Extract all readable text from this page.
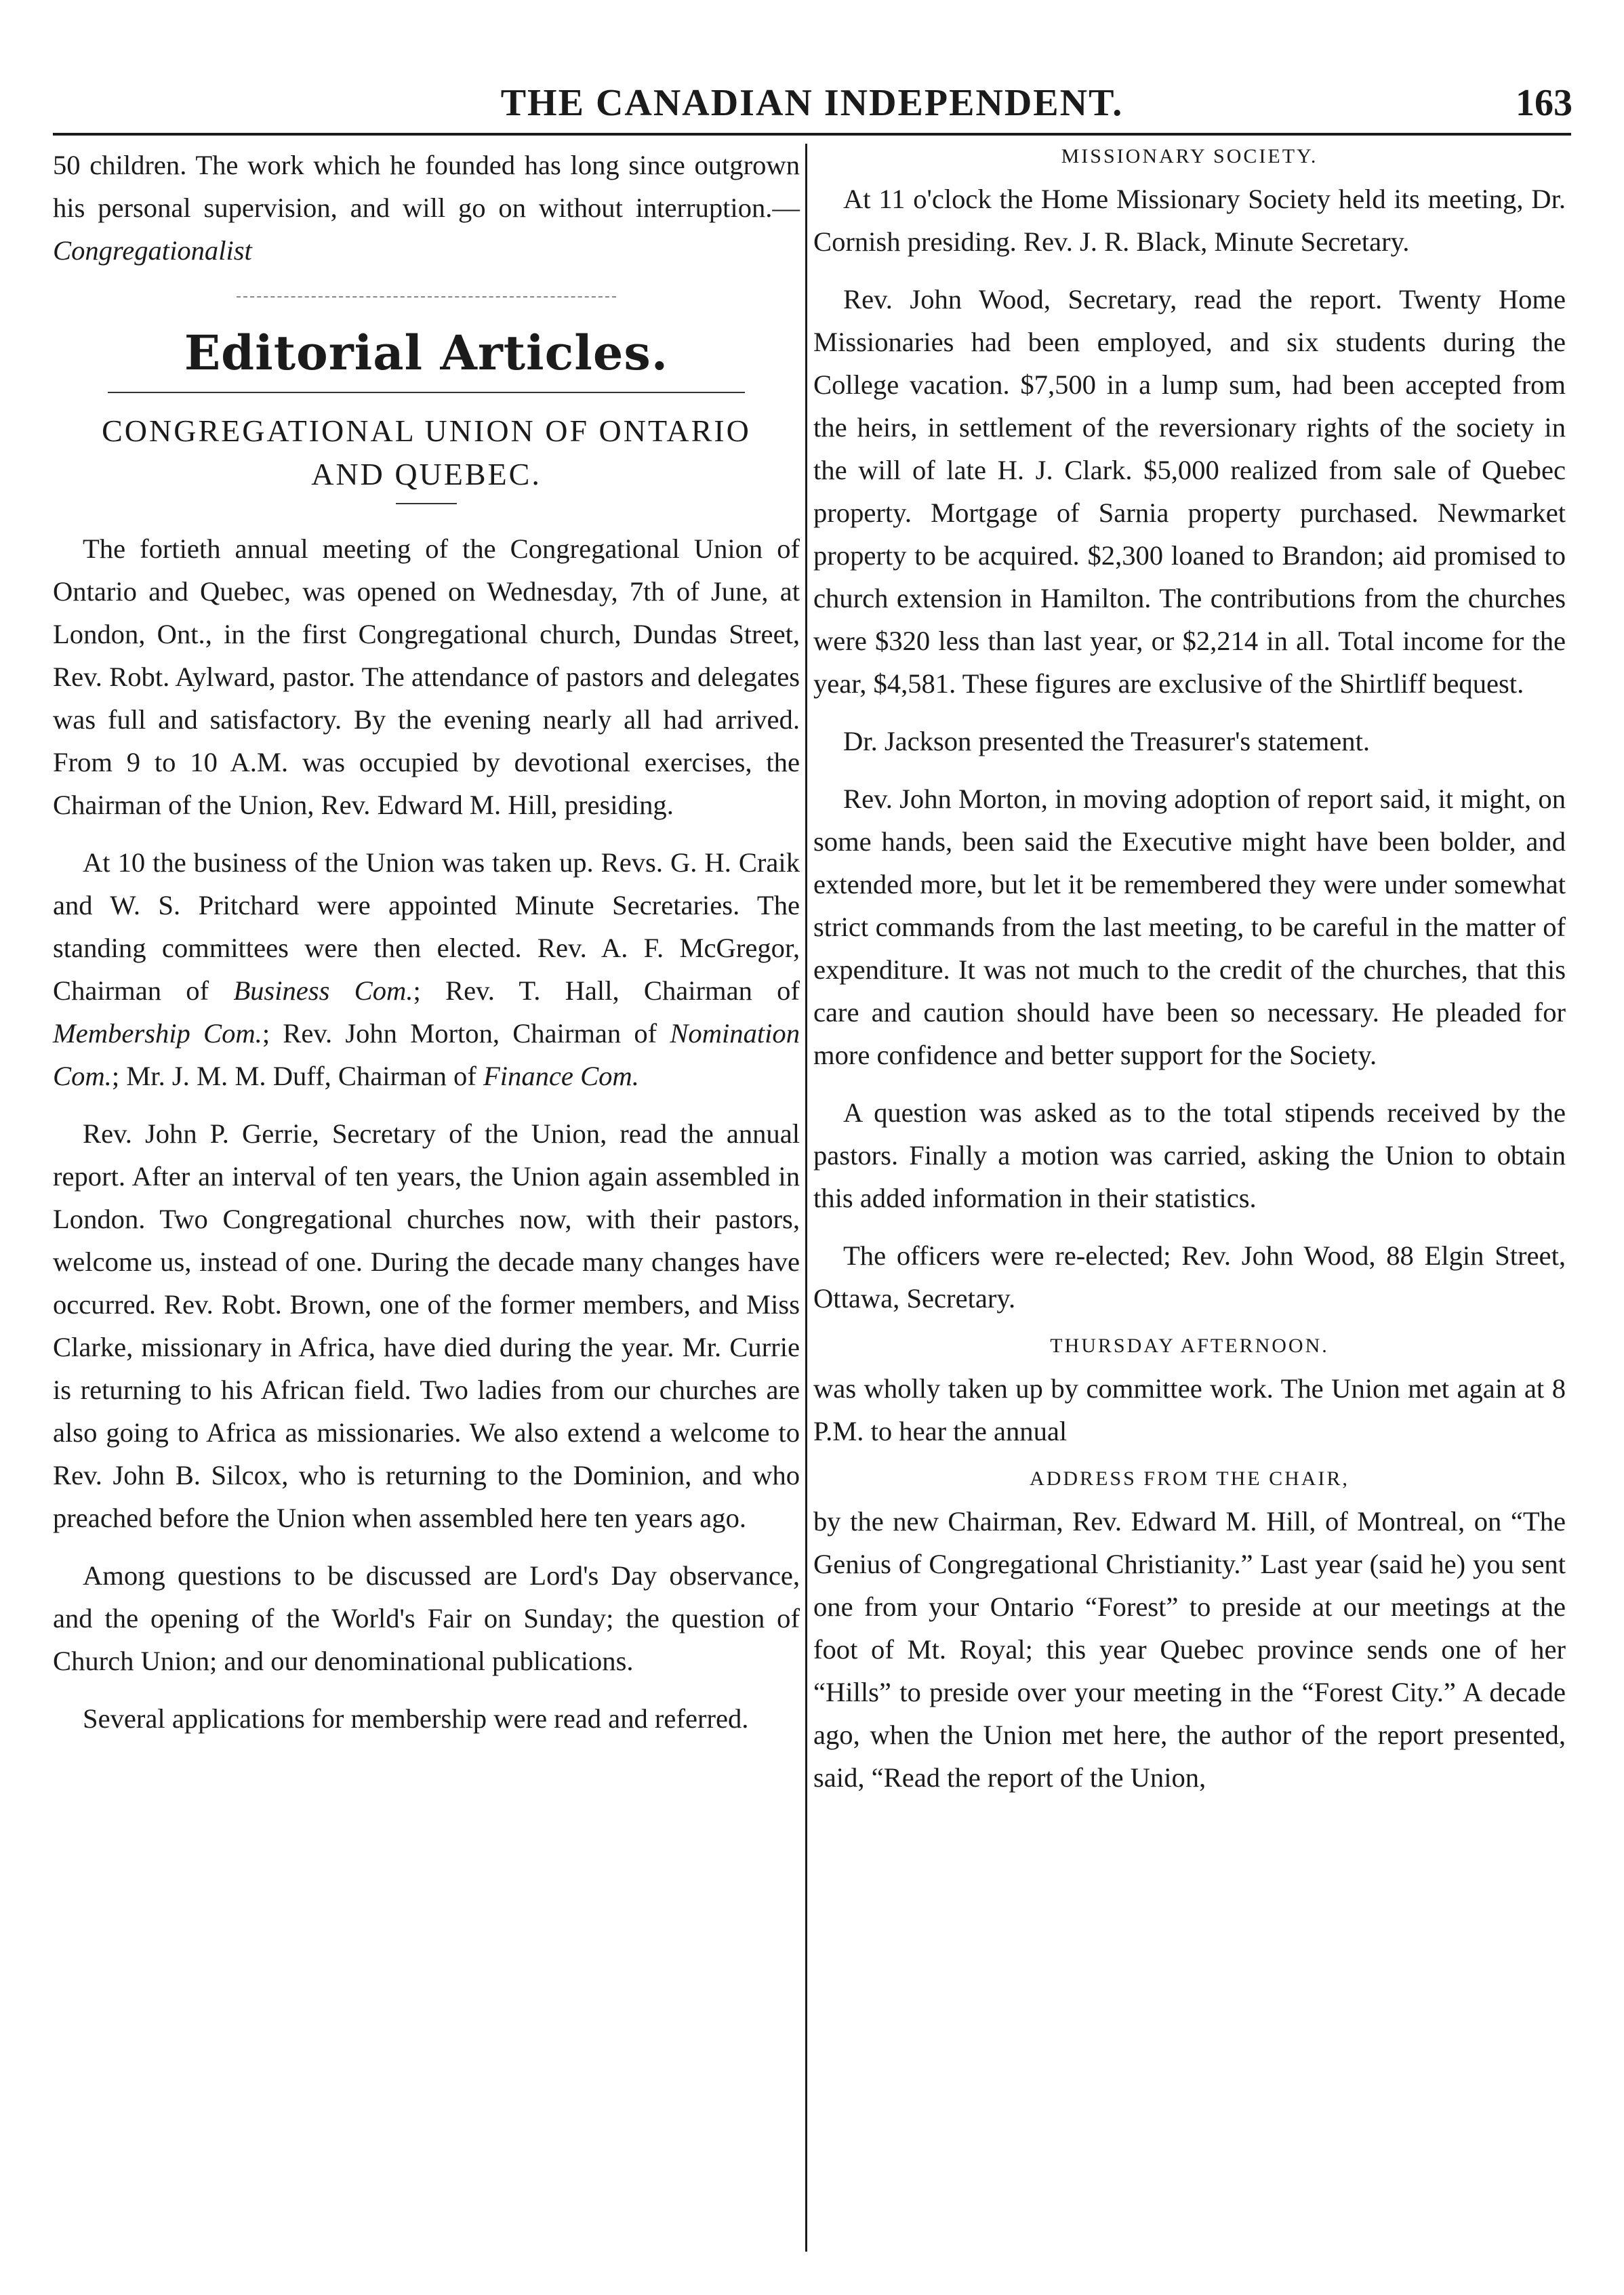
THE CANADIAN INDEPENDENT.	163

50 children. The work which he founded has long since outgrown his personal supervision, and will go on without interruption.—Congregationalist

Editorial Articles.
CONGREGATIONAL UNION OF ONTARIO
AND QUEBEC.

The fortieth annual meeting of the Congregational Union of Ontario and Quebec, was opened on Wednesday, 7th of June, at London, Ont., in the first Congregational church, Dundas Street, Rev. Robt. Aylward, pastor. The attendance of pastors and delegates was full and satisfactory. By the evening nearly all had arrived. From 9 to 10 A.M. was occupied by devotional exercises, the Chairman of the Union, Rev. Edward M. Hill, presiding.

At 10 the business of the Union was taken up. Revs. G. H. Craik and W. S. Pritchard were appointed Minute Secretaries. The standing committees were then elected. Rev. A. F. McGregor, Chairman of Business Com.; Rev. T. Hall, Chairman of Membership Com.; Rev. John Morton, Chairman of Nomination Com.; Mr. J. M. M. Duff, Chairman of Finance Com.

Rev. John P. Gerrie, Secretary of the Union, read the annual report. After an interval of ten years, the Union again assembled in London. Two Congregational churches now, with their pastors, welcome us, instead of one. During the decade many changes have occurred. Rev. Robt. Brown, one of the former members, and Miss Clarke, missionary in Africa, have died during the year. Mr. Currie is returning to his African field. Two ladies from our churches are also going to Africa as missionaries. We also extend a welcome to Rev. John B. Silcox, who is returning to the Dominion, and who preached before the Union when assembled here ten years ago.

Among questions to be discussed are Lord's Day observance, and the opening of the World's Fair on Sunday; the question of Church Union; and our denominational publications.

Several applications for membership were read and referred.

MISSIONARY SOCIETY.

At 11 o'clock the Home Missionary Society held its meeting, Dr. Cornish presiding. Rev. J. R. Black, Minute Secretary.

Rev. John Wood, Secretary, read the report. Twenty Home Missionaries had been employed, and six students during the College vacation. $7,500 in a lump sum, had been accepted from the heirs, in settlement of the reversionary rights of the society in the will of late H. J. Clark. $5,000 realized from sale of Quebec property. Mortgage of Sarnia property purchased. Newmarket property to be acquired. $2,300 loaned to Brandon; aid promised to church extension in Hamilton. The contributions from the churches were $320 less than last year, or $2,214 in all. Total income for the year, $4,581. These figures are exclusive of the Shirtliff bequest.

Dr. Jackson presented the Treasurer's statement.

Rev. John Morton, in moving adoption of report said, it might, on some hands, been said the Executive might have been bolder, and extended more, but let it be remembered they were under somewhat strict commands from the last meeting, to be careful in the matter of expenditure. It was not much to the credit of the churches, that this care and caution should have been so necessary. He pleaded for more confidence and better support for the Society.

A question was asked as to the total stipends received by the pastors. Finally a motion was carried, asking the Union to obtain this added information in their statistics.

The officers were re-elected; Rev. John Wood, 88 Elgin Street, Ottawa, Secretary.

THURSDAY AFTERNOON.

was wholly taken up by committee work. The Union met again at 8 P.M. to hear the annual

ADDRESS FROM THE CHAIR,

by the new Chairman, Rev. Edward M. Hill, of Montreal, on “The Genius of Congregational Christianity.” Last year (said he) you sent one from your Ontario “Forest” to preside at our meetings at the foot of Mt. Royal; this year Quebec province sends one of her “Hills” to preside over your meeting in the “Forest City.” A decade ago, when the Union met here, the author of the report presented, said, “Read the report of the Union,
